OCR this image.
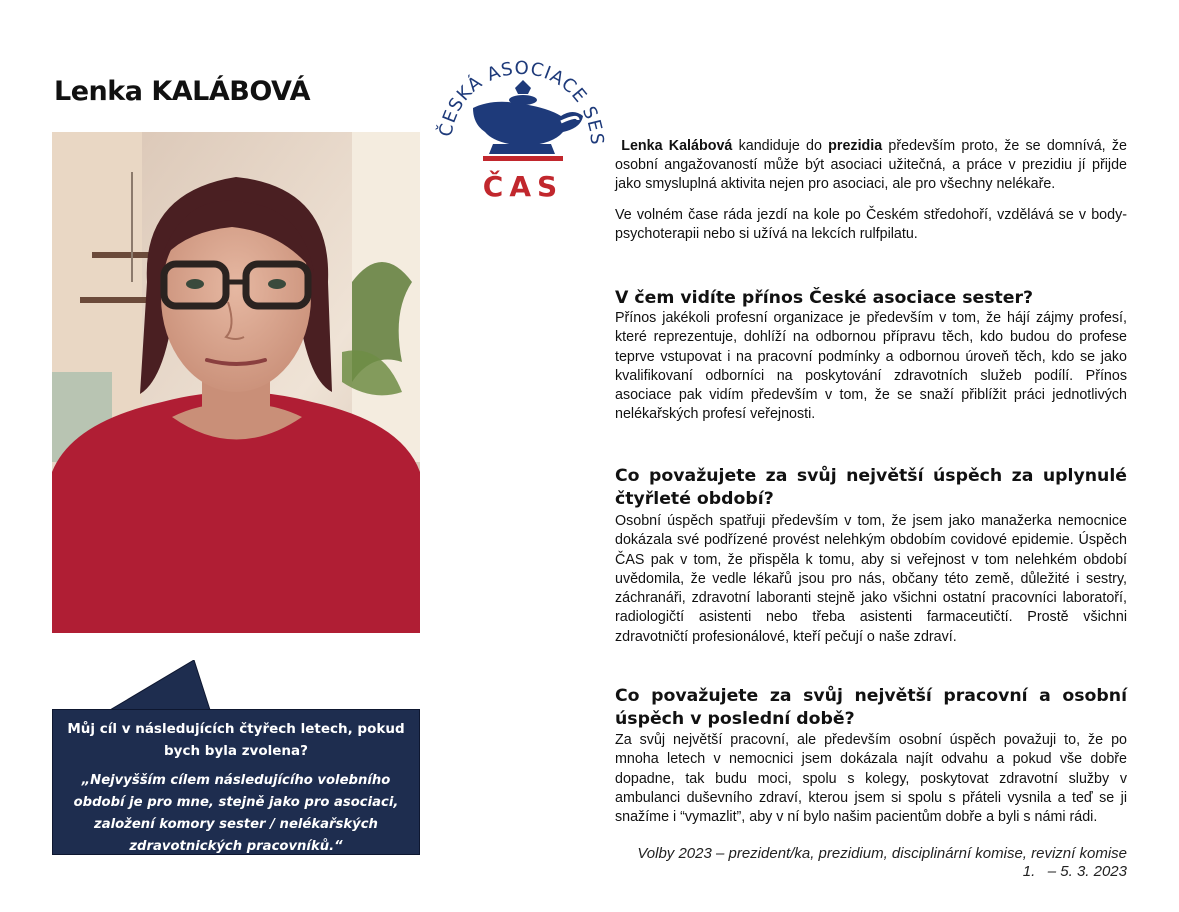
Lenka KALÁBOVÁ
ČESKÁ ASOCIACE SES
ČAS

Lenka Kalábová kandiduje do prezidia především proto, že se domnívá, že osobní angažovaností může být asociaci užitečná, a práce v prezidiu jí přijde jako smysluplná aktivita nejen pro asociaci, ale pro všechny nelékaře.

Ve volném čase ráda jezdí na kole po Českém středohoří, vzdělává se v body-psychoterapii nebo si užívá na lekcích rulfpilatu.

V čem vidíte přínos České asociace sester?
Přínos jakékoli profesní organizace je především v tom, že hájí zájmy profesí, které reprezentuje, dohlíží na odbornou přípravu těch, kdo budou do profese teprve vstupovat i na pracovní podmínky a odbornou úroveň těch, kdo se jako kvalifikovaní odborníci na poskytování zdravotních služeb podílí. Přínos asociace pak vidím především v tom, že se snaží přiblížit práci jednotlivých nelékařských profesí veřejnosti.
Co považujete za svůj největší úspěch za uplynulé čtyřleté období?
Osobní úspěch spatřuji především v tom, že jsem jako manažerka nemocnice dokázala své podřízené provést nelehkým obdobím covidové epidemie. Úspěch ČAS pak v tom, že přispěla k tomu, aby si veřejnost v tom nelehkém období uvědomila, že vedle lékařů jsou pro nás, občany této země, důležité i sestry, záchranáři, zdravotní laboranti stejně jako všichni ostatní pracovníci laboratoří, radiologičtí asistenti nebo třeba asistenti farmaceutičtí. Prostě všichni zdravotničtí profesionálové, kteří pečují o naše zdraví.
Co považujete za svůj největší pracovní a osobní úspěch v poslední době?
Za svůj největší pracovní, ale především osobní úspěch považuji to, že po mnoha letech v nemocnici jsem dokázala najít odvahu a pokud vše dobře dopadne, tak budu moci, spolu s kolegy, poskytovat zdravotní služby v ambulanci duševního zdraví, kterou jsem si spolu s přáteli vysnila a teď se ji snažíme i “vymazlit”, aby v ní bylo našim pacientům dobře a byli s námi rádi.
Můj cíl v následujících čtyřech letech, pokud bych byla zvolena?
„Nejvyšším cílem následujícího volebního období je pro mne, stejně jako pro asociaci, založení komory sester / nelékařských zdravotnických pracovníků.“	Volby 2023 – prezident/ka, prezidium, disciplinární komise, revizní komise
1.   – 5. 3. 2023
